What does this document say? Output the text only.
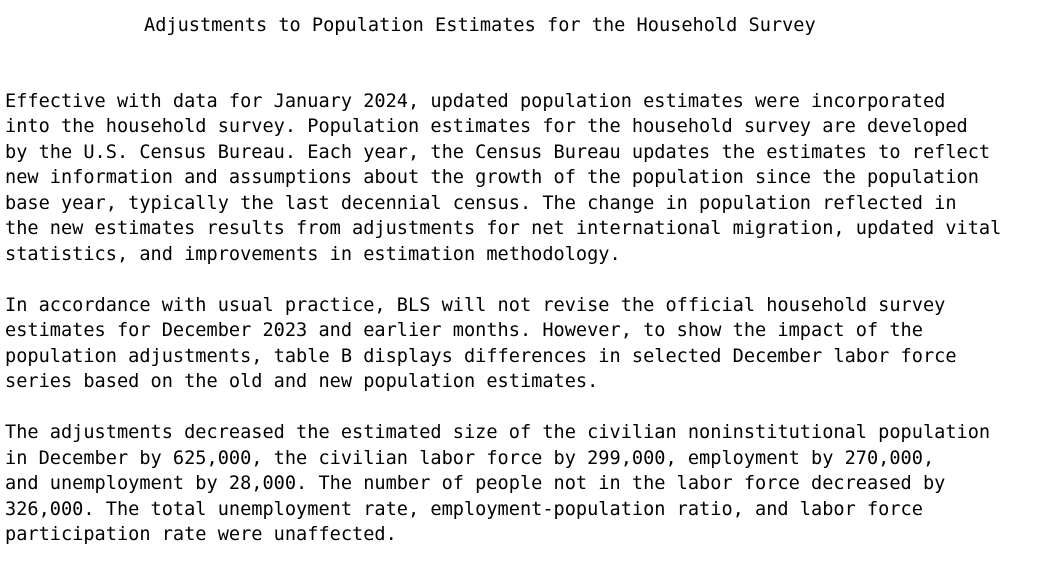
Adjustments to Population Estimates for the Household Survey
Effective with data for January 2024, updated population estimates were incorporated
into the household survey. Population estimates for the household survey are developed
by the U.S. Census Bureau. Each year, the Census Bureau updates the estimates to reflect
new information and assumptions about the growth of the population since the population
base year, typically the last decennial census. The change in population reflected in
the new estimates results from adjustments for net international migration, updated vital
statistics, and improvements in estimation methodology.
In accordance with usual practice, BLS will not revise the official household survey
estimates for December 2023 and earlier months. However, to show the impact of the
population adjustments, table B displays differences in selected December labor force
series based on the old and new population estimates.
The adjustments decreased the estimated size of the civilian noninstitutional population
in December by 625,000, the civilian labor force by 299,000, employment by 270,000,
and unemployment by 28,000. The number of people not in the labor force decreased by
326,000. The total unemployment rate, employment-population ratio, and labor force
participation rate were unaffected.
